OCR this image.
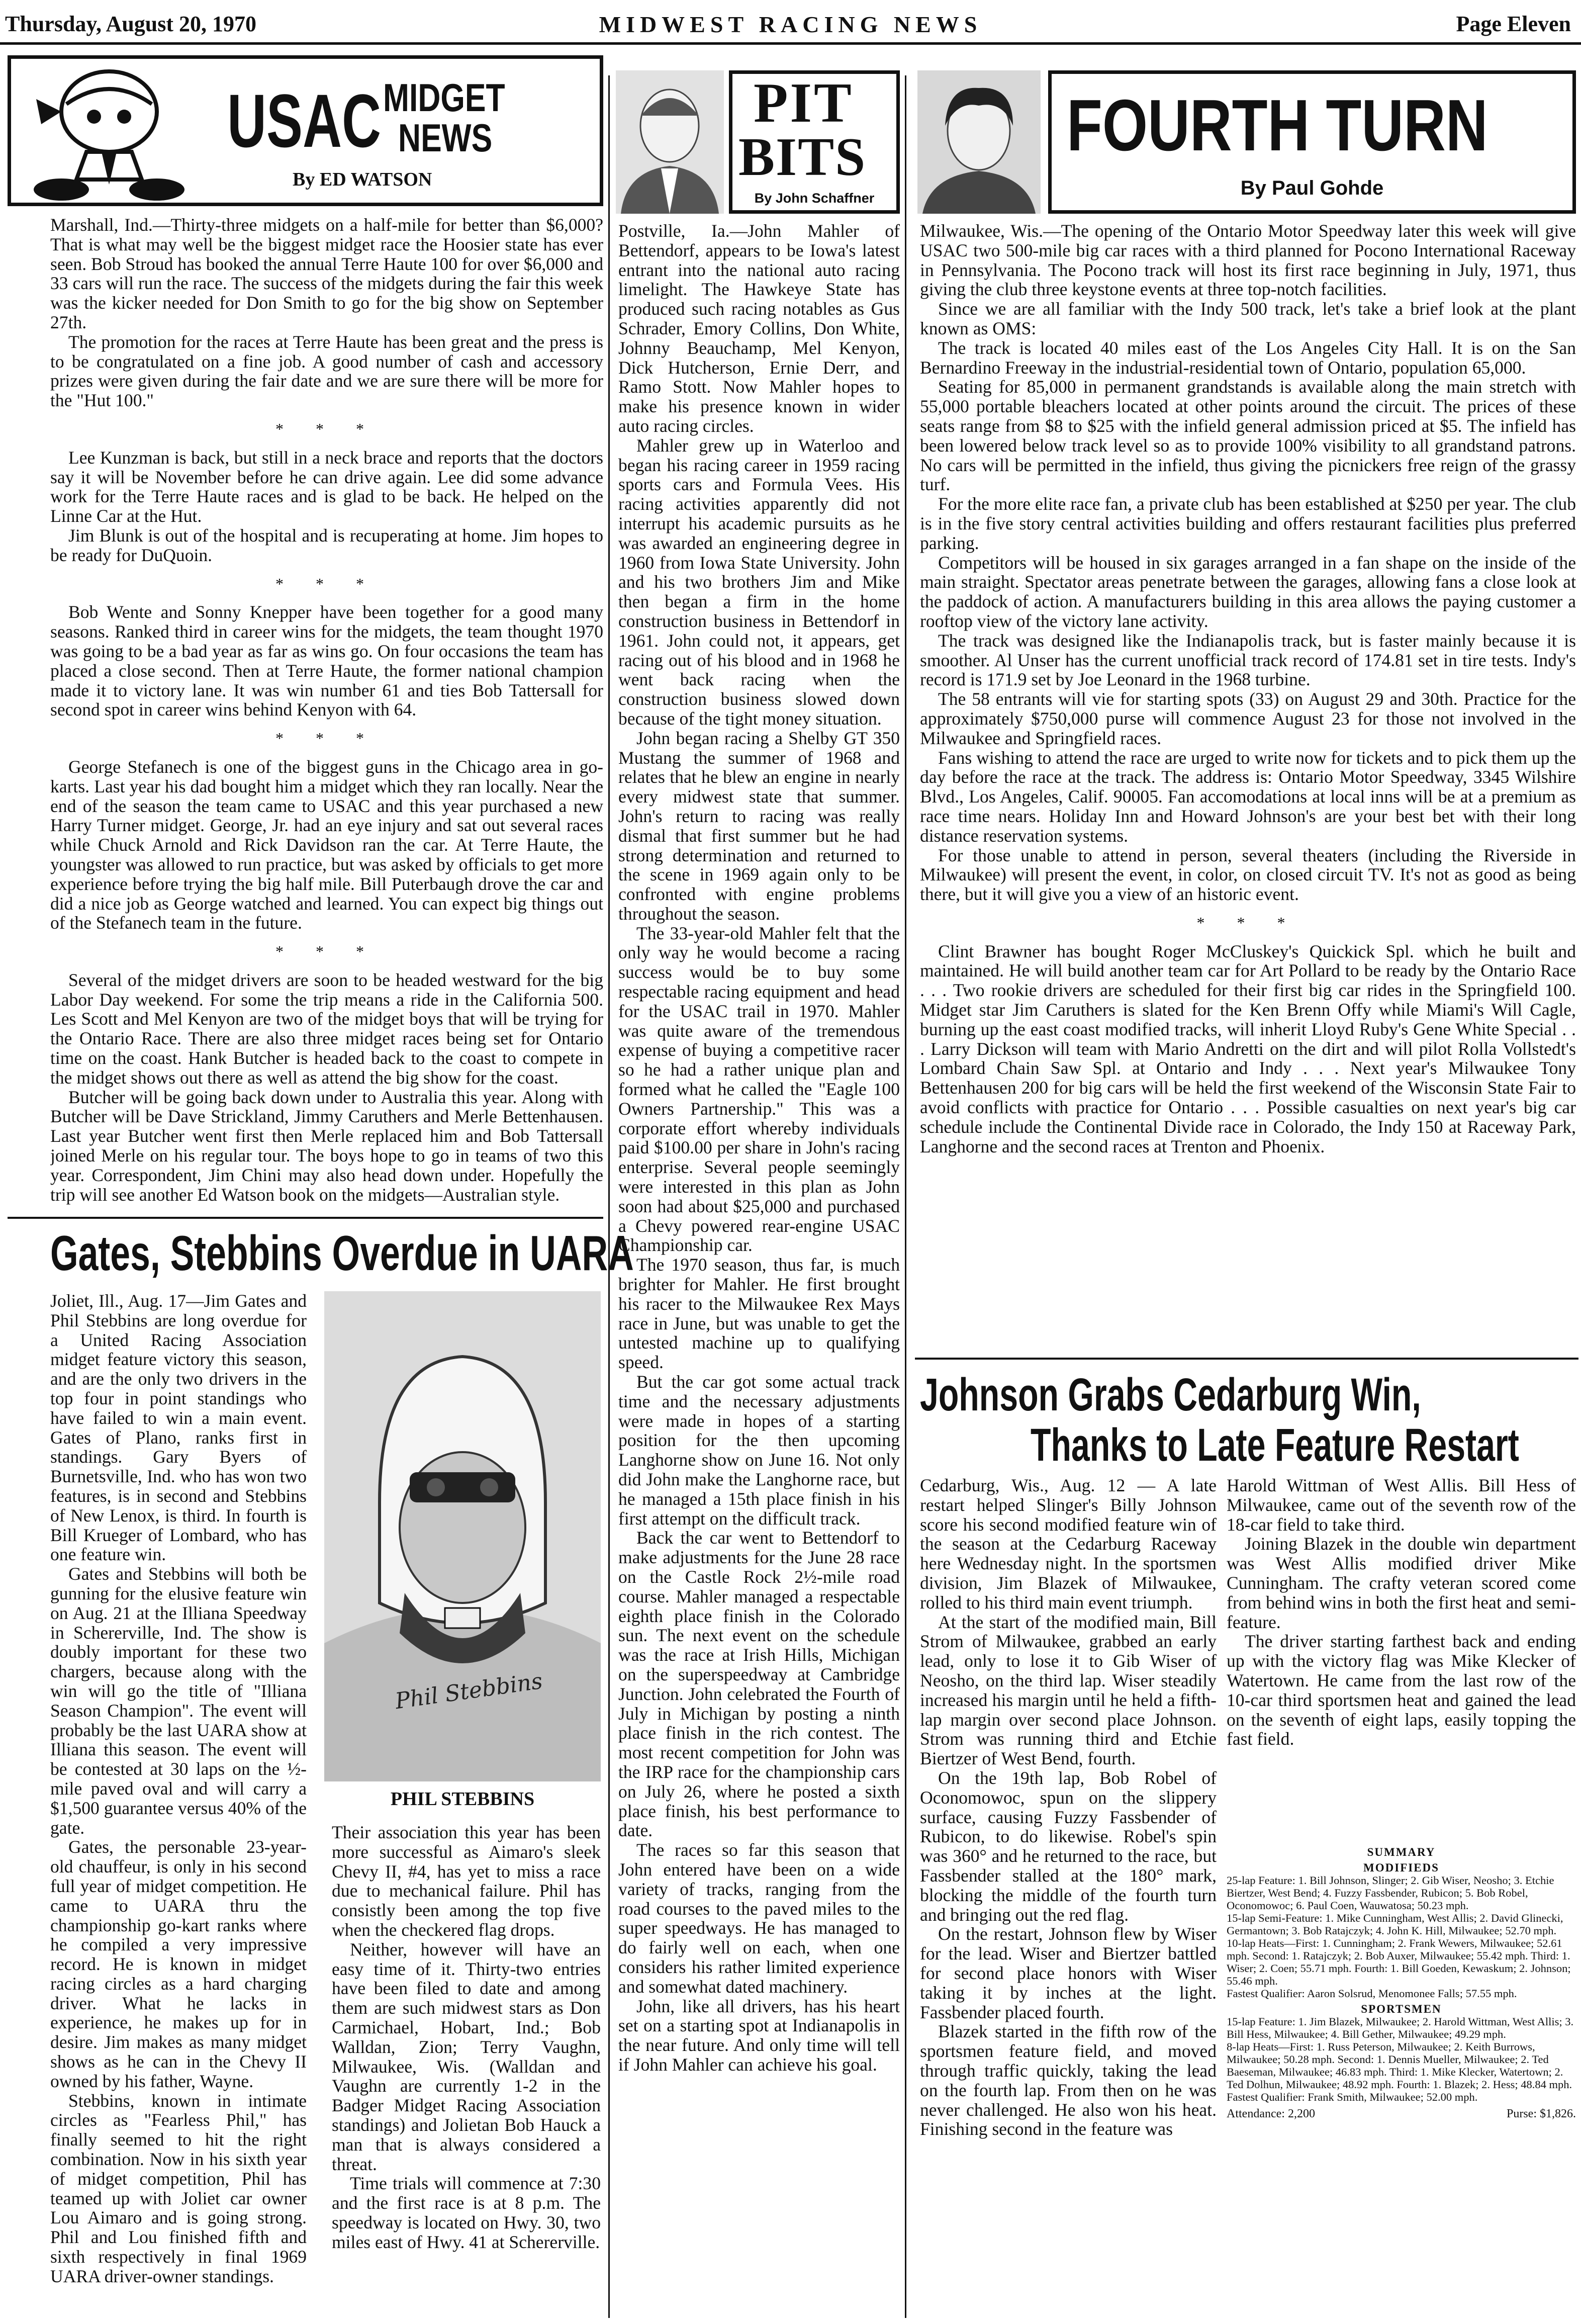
Thursday, August 20, 1970	MIDWEST RACING NEWS	Page Eleven
USAC MIDGET
NEWS
By ED WATSON

Marshall, Ind.—Thirty-three midgets on a half-mile for better than $6,000? That is what may well be the biggest midget race the Hoosier state has ever seen. Bob Stroud has booked the annual Terre Haute 100 for over $6,000 and 33 cars will run the race. The success of the midgets during the fair this week was the kicker needed for Don Smith to go for the big show on September 27th.

The promotion for the races at Terre Haute has been great and the press is to be congratulated on a fine job. A good number of cash and accessory prizes were given during the fair date and we are sure there will be more for the "Hut 100."

* * *

Lee Kunzman is back, but still in a neck brace and reports that the doctors say it will be November before he can drive again. Lee did some advance work for the Terre Haute races and is glad to be back. He helped on the Linne Car at the Hut.

Jim Blunk is out of the hospital and is recuperating at home. Jim hopes to be ready for DuQuoin.

* * *

Bob Wente and Sonny Knepper have been together for a good many seasons. Ranked third in career wins for the midgets, the team thought 1970 was going to be a bad year as far as wins go. On four occasions the team has placed a close second. Then at Terre Haute, the former national champion made it to victory lane. It was win number 61 and ties Bob Tattersall for second spot in career wins behind Kenyon with 64.

* * *

George Stefanech is one of the biggest guns in the Chicago area in go-karts. Last year his dad bought him a midget which they ran locally. Near the end of the season the team came to USAC and this year purchased a new Harry Turner midget. George, Jr. had an eye injury and sat out several races while Chuck Arnold and Rick Davidson ran the car. At Terre Haute, the youngster was allowed to run practice, but was asked by officials to get more experience before trying the big half mile. Bill Puterbaugh drove the car and did a nice job as George watched and learned. You can expect big things out of the Stefanech team in the future.

* * *

Several of the midget drivers are soon to be headed westward for the big Labor Day weekend. For some the trip means a ride in the California 500. Les Scott and Mel Kenyon are two of the midget boys that will be trying for the Ontario Race. There are also three midget races being set for Ontario time on the coast. Hank Butcher is headed back to the coast to compete in the midget shows out there as well as attend the big show for the coast.

Butcher will be going back down under to Australia this year. Along with Butcher will be Dave Strickland, Jimmy Caruthers and Merle Bettenhausen. Last year Butcher went first then Merle replaced him and Bob Tattersall joined Merle on his regular tour. The boys hope to go in teams of two this year. Correspondent, Jim Chini may also head down under. Hopefully the trip will see another Ed Watson book on the midgets—Australian style.

Gates, Stebbins Overdue in UARA

Joliet, Ill., Aug. 17—Jim Gates and Phil Stebbins are long overdue for a United Racing Association midget feature victory this season, and are the only two drivers in the top four in point standings who have failed to win a main event. Gates of Plano, ranks first in standings. Gary Byers of Burnetsville, Ind. who has won two features, is in second and Stebbins of New Lenox, is third. In fourth is Bill Krueger of Lombard, who has one feature win.

Gates and Stebbins will both be gunning for the elusive feature win on Aug. 21 at the Illiana Speedway in Schererville, Ind. The show is doubly important for these two chargers, because along with the win will go the title of "Illiana Season Champion". The event will probably be the last UARA show at Illiana this season. The event will be contested at 30 laps on the ½-mile paved oval and will carry a $1,500 guarantee versus 40% of the gate.

Gates, the personable 23-year-old chauffeur, is only in his second full year of midget competition. He came to UARA thru the championship go-kart ranks where he compiled a very impressive record. He is known in midget racing circles as a hard charging driver. What he lacks in experience, he makes up for in desire. Jim makes as many midget shows as he can in the Chevy II owned by his father, Wayne.

Stebbins, known in intimate circles as "Fearless Phil," has finally seemed to hit the right combination. Now in his sixth year of midget competition, Phil has teamed up with Joliet car owner Lou Aimaro and is going strong. Phil and Lou finished fifth and sixth respectively in final 1969 UARA driver-owner standings.

Phil Stebbins
PHIL STEBBINS

Their association this year has been more successful as Aimaro's sleek Chevy II, #4, has yet to miss a race due to mechanical failure. Phil has consistly been among the top five when the checkered flag drops.

Neither, however will have an easy time of it. Thirty-two entries have been filed to date and among them are such midwest stars as Don Carmichael, Hobart, Ind.; Bob Walldan, Zion; Terry Vaughn, Milwaukee, Wis. (Walldan and Vaughn are currently 1-2 in the Badger Midget Racing Association standings) and Jolietan Bob Hauck a man that is always considered a threat.

Time trials will commence at 7:30 and the first race is at 8 p.m. The speedway is located on Hwy. 30, two miles east of Hwy. 41 at Schererville.

PIT
BITS
By John Schaffner

Postville, Ia.—John Mahler of Bettendorf, appears to be Iowa's latest entrant into the national auto racing limelight. The Hawkeye State has produced such racing notables as Gus Schrader, Emory Collins, Don White, Johnny Beauchamp, Mel Kenyon, Dick Hutcherson, Ernie Derr, and Ramo Stott. Now Mahler hopes to make his presence known in wider auto racing circles.

Mahler grew up in Waterloo and began his racing career in 1959 racing sports cars and Formula Vees. His racing activities apparently did not interrupt his academic pursuits as he was awarded an engineering degree in 1960 from Iowa State University. John and his two brothers Jim and Mike then began a firm in the home construction business in Bettendorf in 1961. John could not, it appears, get racing out of his blood and in 1968 he went back racing when the construction business slowed down because of the tight money situation.

John began racing a Shelby GT 350 Mustang the summer of 1968 and relates that he blew an engine in nearly every midwest state that summer. John's return to racing was really dismal that first summer but he had strong determination and returned to the scene in 1969 again only to be confronted with engine problems throughout the season.

The 33-year-old Mahler felt that the only way he would become a racing success would be to buy some respectable racing equipment and head for the USAC trail in 1970. Mahler was quite aware of the tremendous expense of buying a competitive racer so he had a rather unique plan and formed what he called the "Eagle 100 Owners Partnership." This was a corporate effort whereby individuals paid $100.00 per share in John's racing enterprise. Several people seemingly were interested in this plan as John soon had about $25,000 and purchased a Chevy powered rear-engine USAC Championship car.

The 1970 season, thus far, is much brighter for Mahler. He first brought his racer to the Milwaukee Rex Mays race in June, but was unable to get the untested machine up to qualifying speed.

But the car got some actual track time and the necessary adjustments were made in hopes of a starting position for the then upcoming Langhorne show on June 16. Not only did John make the Langhorne race, but he managed a 15th place finish in his first attempt on the difficult track.

Back the car went to Bettendorf to make adjustments for the June 28 race on the Castle Rock 2½-mile road course. Mahler managed a respectable eighth place finish in the Colorado sun. The next event on the schedule was the race at Irish Hills, Michigan on the superspeedway at Cambridge Junction. John celebrated the Fourth of July in Michigan by posting a ninth place finish in the rich contest. The most recent competition for John was the IRP race for the championship cars on July 26, where he posted a sixth place finish, his best performance to date.

The races so far this season that John entered have been on a wide variety of tracks, ranging from the road courses to the paved miles to the super speedways. He has managed to do fairly well on each, when one considers his rather limited experience and somewhat dated machinery.

John, like all drivers, has his heart set on a starting spot at Indianapolis in the near future. And only time will tell if John Mahler can achieve his goal.

FOURTH TURN
By Paul Gohde

Milwaukee, Wis.—The opening of the Ontario Motor Speedway later this week will give USAC two 500-mile big car races with a third planned for Pocono International Raceway in Pennsylvania. The Pocono track will host its first race beginning in July, 1971, thus giving the club three keystone events at three top-notch facilities.

Since we are all familiar with the Indy 500 track, let's take a brief look at the plant known as OMS:

The track is located 40 miles east of the Los Angeles City Hall. It is on the San Bernardino Freeway in the industrial-residential town of Ontario, population 65,000.

Seating for 85,000 in permanent grandstands is available along the main stretch with 55,000 portable bleachers located at other points around the circuit. The prices of these seats range from $8 to $25 with the infield general admission priced at $5. The infield has been lowered below track level so as to provide 100% visibility to all grandstand patrons. No cars will be permitted in the infield, thus giving the picnickers free reign of the grassy turf.

For the more elite race fan, a private club has been established at $250 per year. The club is in the five story central activities building and offers restaurant facilities plus preferred parking.

Competitors will be housed in six garages arranged in a fan shape on the inside of the main straight. Spectator areas penetrate between the garages, allowing fans a close look at the paddock of action. A manufacturers building in this area allows the paying customer a rooftop view of the victory lane activity.

The track was designed like the Indianapolis track, but is faster mainly because it is smoother. Al Unser has the current unofficial track record of 174.81 set in tire tests. Indy's record is 171.9 set by Joe Leonard in the 1968 turbine.

The 58 entrants will vie for starting spots (33) on August 29 and 30th. Practice for the approximately $750,000 purse will commence August 23 for those not involved in the Milwaukee and Springfield races.

Fans wishing to attend the race are urged to write now for tickets and to pick them up the day before the race at the track. The address is: Ontario Motor Speedway, 3345 Wilshire Blvd., Los Angeles, Calif. 90005. Fan accomodations at local inns will be at a premium as race time nears. Holiday Inn and Howard Johnson's are your best bet with their long distance reservation systems.

For those unable to attend in person, several theaters (including the Riverside in Milwaukee) will present the event, in color, on closed circuit TV. It's not as good as being there, but it will give you a view of an historic event.

* * *

Clint Brawner has bought Roger McCluskey's Quickick Spl. which he built and maintained. He will build another team car for Art Pollard to be ready by the Ontario Race . . . Two rookie drivers are scheduled for their first big car rides in the Springfield 100. Midget star Jim Caruthers is slated for the Ken Brenn Offy while Miami's Will Cagle, burning up the east coast modified tracks, will inherit Lloyd Ruby's Gene White Special . . . Larry Dickson will team with Mario Andretti on the dirt and will pilot Rolla Vollstedt's Lombard Chain Saw Spl. at Ontario and Indy . . . Next year's Milwaukee Tony Bettenhausen 200 for big cars will be held the first weekend of the Wisconsin State Fair to avoid conflicts with practice for Ontario . . . Possible casualties on next year's big car schedule include the Continental Divide race in Colorado, the Indy 150 at Raceway Park, Langhorne and the second races at Trenton and Phoenix.

Johnson Grabs Cedarburg Win,
Thanks to Late Feature Restart

Cedarburg, Wis., Aug. 12 — A late restart helped Slinger's Billy Johnson score his second modified feature win of the season at the Cedarburg Raceway here Wednesday night. In the sportsmen division, Jim Blazek of Milwaukee, rolled to his third main event triumph.

At the start of the modified main, Bill Strom of Milwaukee, grabbed an early lead, only to lose it to Gib Wiser of Neosho, on the third lap. Wiser steadily increased his margin until he held a fifth-lap margin over second place Johnson. Strom was running third and Etchie Biertzer of West Bend, fourth.

On the 19th lap, Bob Robel of Oconomowoc, spun on the slippery surface, causing Fuzzy Fassbender of Rubicon, to do likewise. Robel's spin was 360° and he returned to the race, but Fassbender stalled at the 180° mark, blocking the middle of the fourth turn and bringing out the red flag.

On the restart, Johnson flew by Wiser for the lead. Wiser and Biertzer battled for second place honors with Wiser taking it by inches at the light. Fassbender placed fourth.

Blazek started in the fifth row of the sportsmen feature field, and moved through traffic quickly, taking the lead on the fourth lap. From then on he was never challenged. He also won his heat. Finishing second in the feature was

Harold Wittman of West Allis. Bill Hess of Milwaukee, came out of the seventh row of the 18-car field to take third.

Joining Blazek in the double win department was West Allis modified driver Mike Cunningham. The crafty veteran scored come from behind wins in both the first heat and semi-feature.

The driver starting farthest back and ending up with the victory flag was Mike Klecker of Watertown. He came from the last row of the 10-car third sportsmen heat and gained the lead on the seventh of eight laps, easily topping the fast field.

SUMMARY

MODIFIEDS

25-lap Feature: 1. Bill Johnson, Slinger; 2. Gib Wiser, Neosho; 3. Etchie Biertzer, West Bend; 4. Fuzzy Fassbender, Rubicon; 5. Bob Robel, Oconomowoc; 6. Paul Coen, Wauwatosa; 50.23 mph.

15-lap Semi-Feature: 1. Mike Cunningham, West Allis; 2. David Glinecki, Germantown; 3. Bob Ratajczyk; 4. John K. Hill, Milwaukee; 52.70 mph.

10-lap Heats—First: 1. Cunningham; 2. Frank Wewers, Milwaukee; 52.61 mph. Second: 1. Ratajczyk; 2. Bob Auxer, Milwaukee; 55.42 mph. Third: 1. Wiser; 2. Coen; 55.71 mph. Fourth: 1. Bill Goeden, Kewaskum; 2. Johnson; 55.46 mph.

Fastest Qualifier: Aaron Solsrud, Menomonee Falls; 57.55 mph.

SPORTSMEN

15-lap Feature: 1. Jim Blazek, Milwaukee; 2. Harold Wittman, West Allis; 3. Bill Hess, Milwaukee; 4. Bill Gether, Milwaukee; 49.29 mph.

8-lap Heats—First: 1. Russ Peterson, Milwaukee; 2. Keith Burrows, Milwaukee; 50.28 mph. Second: 1. Dennis Mueller, Milwaukee; 2. Ted Baeseman, Milwaukee; 46.83 mph. Third: 1. Mike Klecker, Watertown; 2. Ted Dolhun, Milwaukee; 48.92 mph. Fourth: 1. Blazek; 2. Hess; 48.84 mph.

Fastest Qualifier: Frank Smith, Milwaukee; 52.00 mph.

Attendance: 2,200	Purse: $1,826.
